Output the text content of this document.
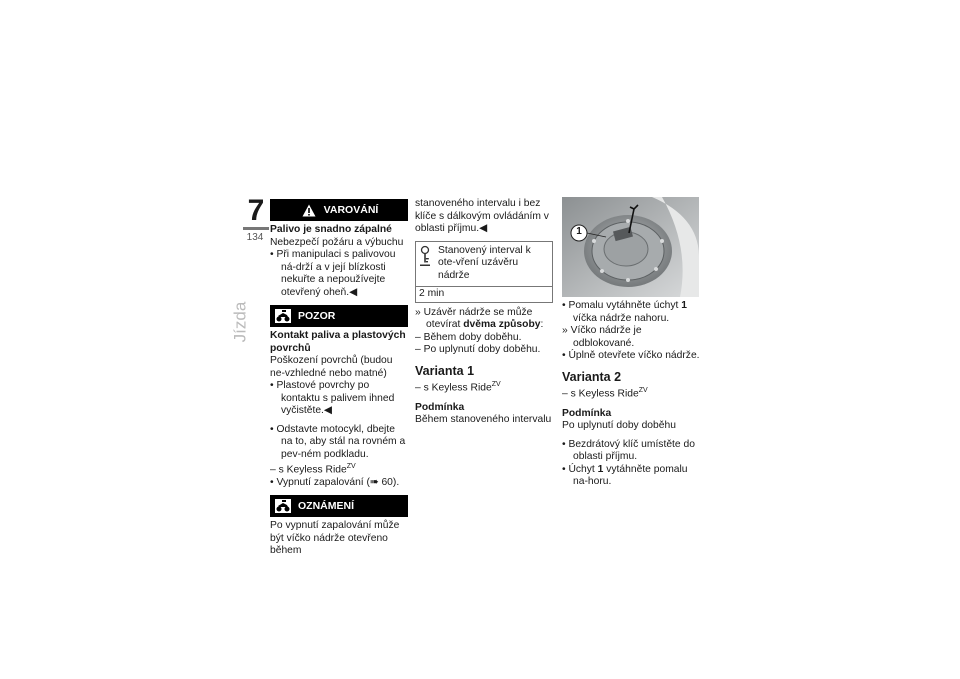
7
134
Jízda
VAROVÁNÍ
Palivo je snadno zápalné
Nebezpečí požáru a výbuchu
• Při manipulaci s palivovou ná-drží a v její blízkosti nekuřte a nepoužívejte otevřený oheň.◀
POZOR
Kontakt paliva a plastových povrchů
Poškození povrchů (budou ne-vzhledné nebo matné)
• Plastové povrchy po kontaktu s palivem ihned vyčistěte.◀
• Odstavte motocykl, dbejte na to, aby stál na rovném a pev-ném podkladu.
– s Keyless Ride$^{ZV}$
• Vypnutí zapalování (➠ 60).
OZNÁMENÍ
Po vypnutí zapalování může být víčko nádrže otevřeno během
stanoveného intervalu i bez klíče s dálkovým ovládáním v oblasti příjmu.◀
Stanovený interval k ote-vření uzávěru nádrže
2 min
» Uzávěr nádrže se může otevírat dvěma způsoby:
– Během doby doběhu.
– Po uplynutí doby doběhu.
Varianta 1
– s Keyless Ride$^{ZV}$
Podmínka
Během stanoveného intervalu
1
• Pomalu vytáhněte úchyt 1 víčka nádrže nahoru.
» Víčko nádrže je odblokované.
• Úplně otevřete víčko nádrže.
Varianta 2
– s Keyless Ride$^{ZV}$
Podmínka
Po uplynutí doby doběhu
• Bezdrátový klíč umístěte do oblasti příjmu.
• Úchyt 1 vytáhněte pomalu na-horu.
